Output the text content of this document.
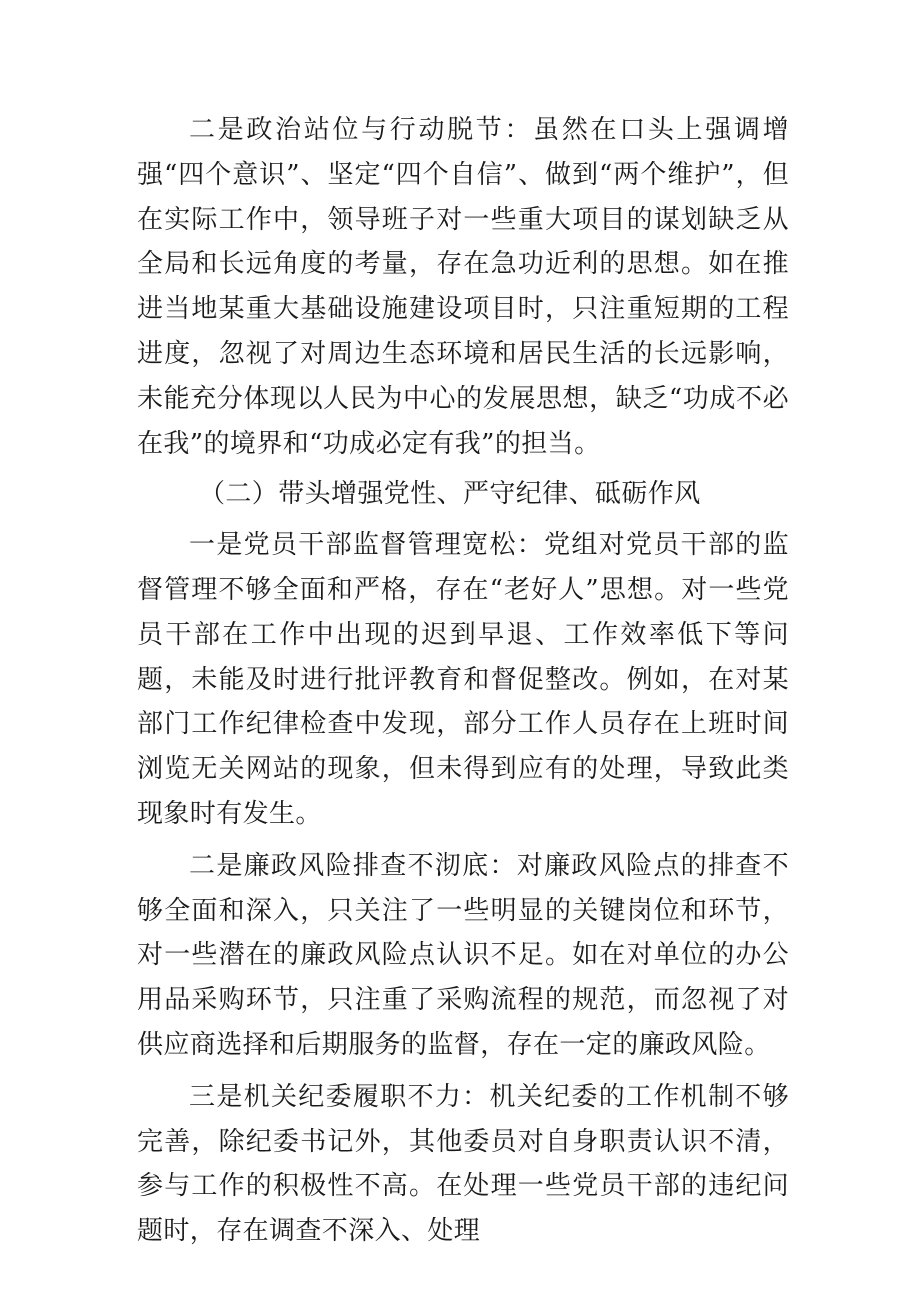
二是政治站位与行动脱节：虽然在口头上强调增强“四个意识”、坚定“四个自信”、做到“两个维护”，但在实际工作中，领导班子对一些重大项目的谋划缺乏从全局和长远角度的考量，存在急功近利的思想。如在推进当地某重大基础设施建设项目时，只注重短期的工程进度，忽视了对周边生态环境和居民生活的长远影响，未能充分体现以人民为中心的发展思想，缺乏“功成不必在我”的境界和“功成必定有我”的担当。

（二）带头增强党性、严守纪律、砥砺作风

一是党员干部监督管理宽松：党组对党员干部的监督管理不够全面和严格，存在“老好人”思想。对一些党员干部在工作中出现的迟到早退、工作效率低下等问题，未能及时进行批评教育和督促整改。例如，在对某部门工作纪律检查中发现，部分工作人员存在上班时间浏览无关网站的现象，但未得到应有的处理，导致此类现象时有发生。

二是廉政风险排查不沏底：对廉政风险点的排查不够全面和深入，只关注了一些明显的关键岗位和环节，对一些潜在的廉政风险点认识不足。如在对单位的办公用品采购环节，只注重了采购流程的规范，而忽视了对供应商选择和后期服务的监督，存在一定的廉政风险。

三是机关纪委履职不力：机关纪委的工作机制不够完善，除纪委书记外，其他委员对自身职责认识不清，参与工作的积极性不高。在处理一些党员干部的违纪问题时，存在调查不深入、处理
